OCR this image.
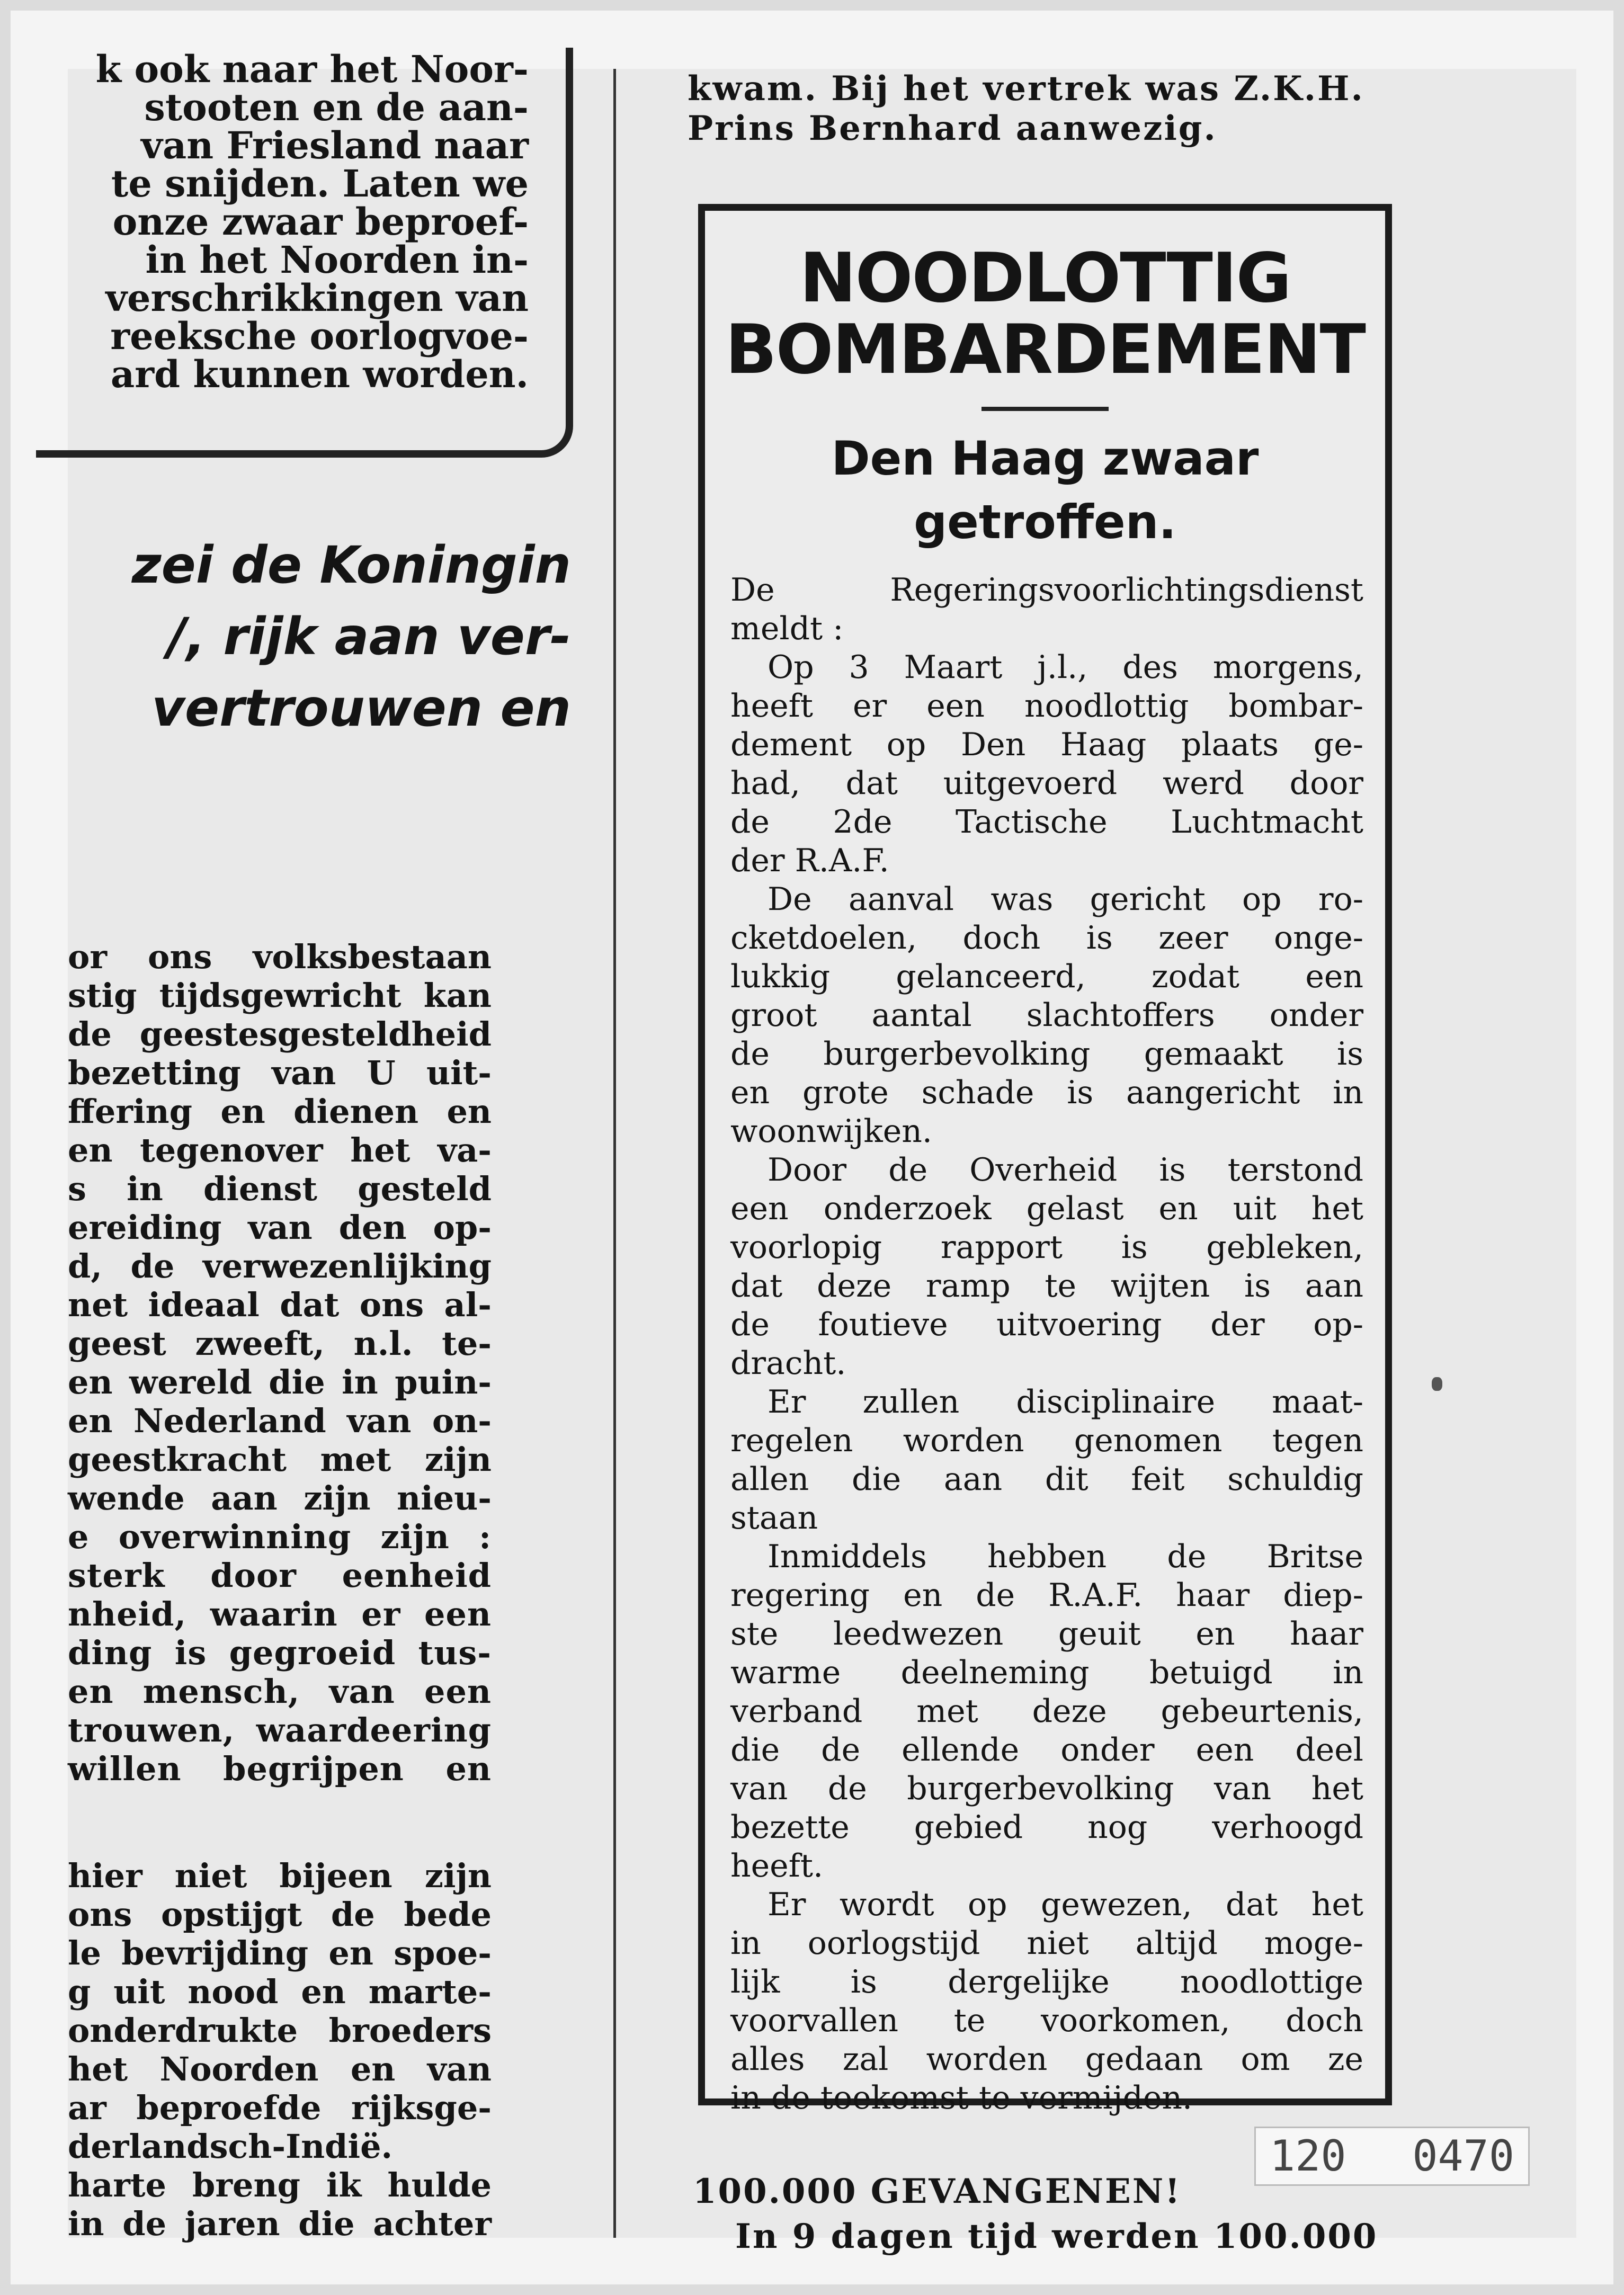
k ook naar het Noor-
stooten en de aan-
van Friesland naar
te snijden. Laten we
onze zwaar beproef-
in het Noorden in-
verschrikkingen van
reeksche oorlogvoe-
ard kunnen worden.
zei de Koningin
/, rijk aan ver-
vertrouwen en
or ons volksbestaan
stig tijdsgewricht kan
de geestesgesteldheid
bezetting van U uit-
ffering en dienen en
en tegenover het va-
s in dienst gesteld
ereiding van den op-
d, de verwezenlijking
net ideaal dat ons al-
geest zweeft, n.l. te-
en wereld die in puin-
en Nederland van on-
geestkracht met zijn
wende aan zijn nieu-
e overwinning zijn :
sterk door eenheid
nheid, waarin er een
ding is gegroeid tus-
en mensch, van een
trouwen, waardeering
willen begrijpen en
hier niet bijeen zijn
ons opstijgt de bede
le bevrijding en spoe-
g uit nood en marte-
onderdrukte broeders
het Noorden en van
ar beproefde rijksge-
derlandsch-Indië.
harte breng ik hulde
in de jaren die achter
kwam. Bij het vertrek was Z.K.H.
Prins Bernhard aanwezig.
NOODLOTTIG
BOMBARDEMENT
Den Haag zwaar
getroffen.
De Regeringsvoorlichtingsdienst
meldt :
Op 3 Maart j.l., des morgens,
heeft er een noodlottig bombar-
dement op Den Haag plaats ge-
had, dat uitgevoerd werd door
de 2de Tactische Luchtmacht
der R.A.F.
De aanval was gericht op ro-
cketdoelen, doch is zeer onge-
lukkig gelanceerd, zodat een
groot aantal slachtoffers onder
de burgerbevolking gemaakt is
en grote schade is aangericht in
woonwijken.
Door de Overheid is terstond
een onderzoek gelast en uit het
voorlopig rapport is gebleken,
dat deze ramp te wijten is aan
de foutieve uitvoering der op-
dracht.
Er zullen disciplinaire maat-
regelen worden genomen tegen
allen die aan dit feit schuldig
staan
Inmiddels hebben de Britse
regering en de R.A.F. haar diep-
ste leedwezen geuit en haar
warme deelneming betuigd in
verband met deze gebeurtenis,
die de ellende onder een deel
van de burgerbevolking van het
bezette gebied nog verhoogd
heeft.
Er wordt op gewezen, dat het
in oorlogstijd niet altijd moge-
lijk is dergelijke noodlottige
voorvallen te voorkomen, doch
alles zal worden gedaan om ze
in de toekomst te vermijden.
100.000 GEVANGENEN!
In 9 dagen tijd werden 100.000
120 0470
